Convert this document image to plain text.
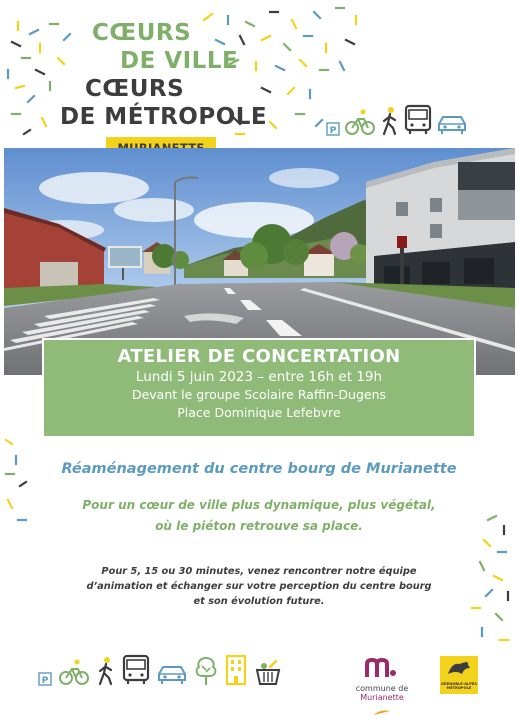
CŒURS
DE VILLE
CŒURS
DE MÉTROPOLE
P
ATELIER DE CONCERTATION
Lundi 5 juin 2023 – entre 16h et 19h
Devant le groupe Scolaire Raffin-Dugens
Place Dominique Lefebvre
Réaménagement du centre bourg de Murianette
Pour un cœur de ville plus dynamique, plus végétal,
où le piéton retrouve sa place.
Pour 5, 15 ou 30 minutes, venez rencontrer notre équipe
d’animation et échanger sur votre perception du centre bourg
et son évolution future.
P
commune de Murianette
GRENOBLE-ALPES MÉTROPOLE
